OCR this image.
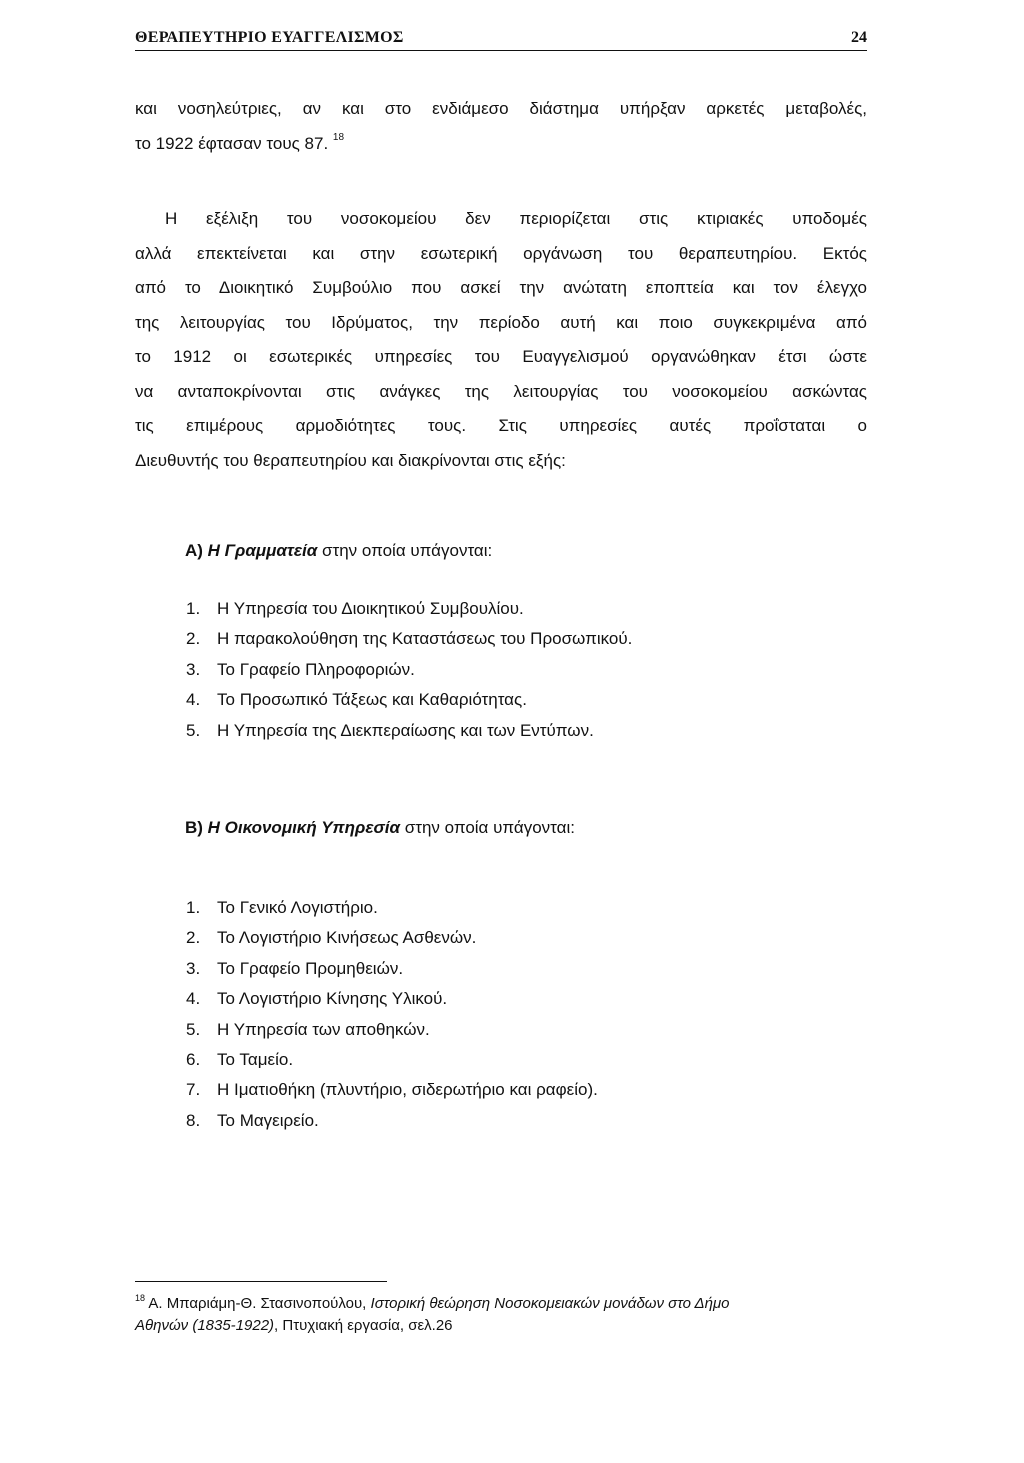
ΘΕΡΑΠΕΥΤΗΡΙΟ ΕΥΑΓΓΕΛΙΣΜΟΣ	24

και νοσηλεύτριες, αν και στο ενδιάμεσο διάστημα υπήρξαν αρκετές μεταβολές,
το 1922 έφτασαν τους 87. $^{18}$

Η εξέλιξη του νοσοκομείου δεν περιορίζεται στις κτιριακές υποδομές
αλλά επεκτείνεται και στην εσωτερική οργάνωση του θεραπευτηρίου. Εκτός
από το Διοικητικό Συμβούλιο που ασκεί την ανώτατη εποπτεία και τον έλεγχο
της λειτουργίας του Ιδρύματος, την περίοδο αυτή και ποιο συγκεκριμένα από
το 1912 οι εσωτερικές υπηρεσίες του Ευαγγελισμού οργανώθηκαν έτσι ώστε
να ανταποκρίνονται στις ανάγκες της λειτουργίας του νοσοκομείου ασκώντας
τις επιμέρους αρμοδιότητες τους. Στις υπηρεσίες αυτές προΐσταται ο
Διευθυντής του θεραπευτηρίου και διακρίνονται στις εξής:

Α) Η Γραμματεία στην οποία υπάγονται:
1. Η Υπηρεσία του Διοικητικού Συμβουλίου.
2. Η παρακολούθηση της Καταστάσεως του Προσωπικού.
3. Το Γραφείο Πληροφοριών.
4. Το Προσωπικό Τάξεως και Καθαριότητας.
5. Η Υπηρεσία της Διεκπεραίωσης και των Εντύπων.
Β) Η Οικονομική Υπηρεσία στην οποία υπάγονται:
1. Το Γενικό Λογιστήριο.
2. Το Λογιστήριο Κινήσεως Ασθενών.
3. Το Γραφείο Προμηθειών.
4. Το Λογιστήριο Κίνησης Υλικού.
5. Η Υπηρεσία των αποθηκών.
6. Το Ταμείο.
7. Η Ιματιοθήκη (πλυντήριο, σιδερωτήριο και ραφείο).
8. Το Μαγειρείο.
$^{18}$ Α. Μπαριάμη-Θ. Στασινοπούλου, Ιστορική θεώρηση Νοσοκομειακών μονάδων στο Δήμο
Αθηνών (1835-1922), Πτυχιακή εργασία, σελ.26
